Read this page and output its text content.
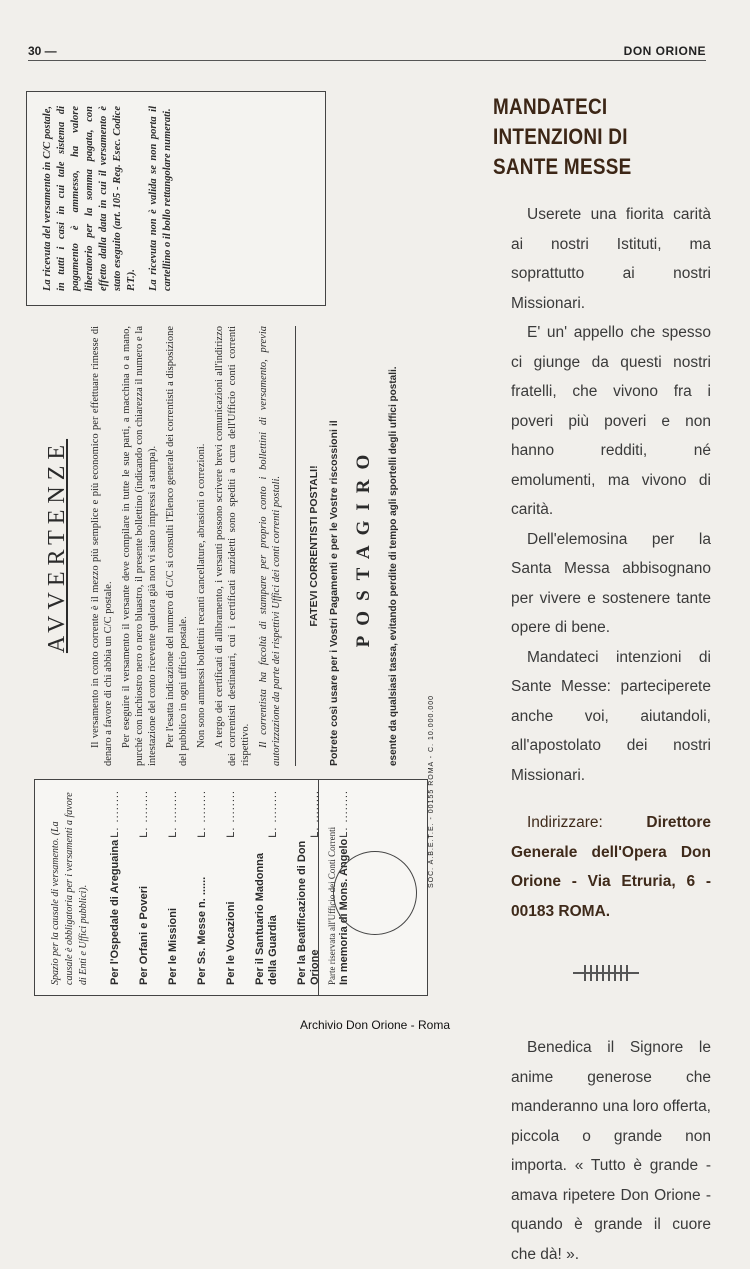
30 —	DON ORIONE
Spazio per la causale di versamento. (La causale è obbligatoria per i versamenti a favore di Enti e Uffici pubblici). Per l'Ospedale di Areguaina
L. ........
Per Orfani e Poveri
L. ........
Per le Missioni
L. ........
Per Ss. Messe n. ......
L. ........
Per le Vocazioni
L. ........
Per il Santuario Madonna della Guardia
L. ........
Per la Beatificazione di Don Orione
L. ........
In memoria di Mons. Angelo
L. ........
Parte riservata all'Ufficio dei Conti Correnti
AVVERTENZE Il versamento in conto corrente è il mezzo più semplice e più economico per effettuare rimesse di denaro a favore di chi abbia un C/C postale. Per eseguire il versamento il versante deve compilare in tutte le sue parti, a macchina o a mano, purché con inchiostro nero o nero bluastro, il presente bollettino (indicando con chiarezza il numero e la intestazione del conto ricevente qualora già non vi siano impressi a stampa). Per l'esatta indicazione del numero di C/C si consulti l'Elenco generale dei correntisti a disposizione del pubblico in ogni ufficio postale. Non sono ammessi bollettini recanti cancellature, abrasioni o correzioni. A tergo dei certificati di allibramento, i versanti possono scrivere brevi comunicazioni all'indirizzo dei correntisti destinatari, cui i certificati anzidetti sono spediti a cura dell'Ufficio conti correnti rispettivo. Il correntista ha facoltà di stampare per proprio conto i bollettini di versamento, previa autorizzazione da parte dei rispettivi Uffici dei conti correnti postali. FATEVI CORRENTISTI POSTALI! Potrete così usare per i Vostri Pagamenti e per le Vostre riscossioni il POSTAGIRO esente da qualsiasi tassa, evitando perdite di tempo agli sportelli degli uffici postali.

La ricevuta del versamento in C/C postale, in tutti i casi in cui tale sistema di pagamento è ammesso, ha valore liberatorio per la somma pagata, con effetto dalla data in cui il versamento è stato eseguito (art. 105 - Reg. Esec. Codice P.T.). La ricevuta non è valida se non porta il cartellino o il bollo rettangolare numerati.

SOC. A.B.E.T.E. - 00155 ROMA - C. 10.000.000
MANDATECI INTENZIONI DI SANTE MESSE

Userete una fiorita carità ai nostri Istituti, ma soprattutto ai nostri Missionari.

E' un' appello che spesso ci giunge da questi nostri fratelli, che vivono fra i poveri più poveri e non hanno redditi, né emolumenti, ma vivono di carità.

Dell'elemosina per la Santa Messa abbisognano per vivere e sostenere tante opere di bene.

Mandateci intenzioni di Sante Messe: parteciperete anche voi, aiutandoli, all'apostolato dei nostri Missionari.

Indirizzare:	Direttore Generale dell'Opera Don Orione - Via Etruria, 6 - 00183 ROMA.

Benedica il Signore le anime generose che manderanno una loro offerta, piccola o grande non importa. « Tutto è grande - amava ripetere Don Orione - quando è grande il cuore che dà! ».

Archivio Don Orione - Roma
